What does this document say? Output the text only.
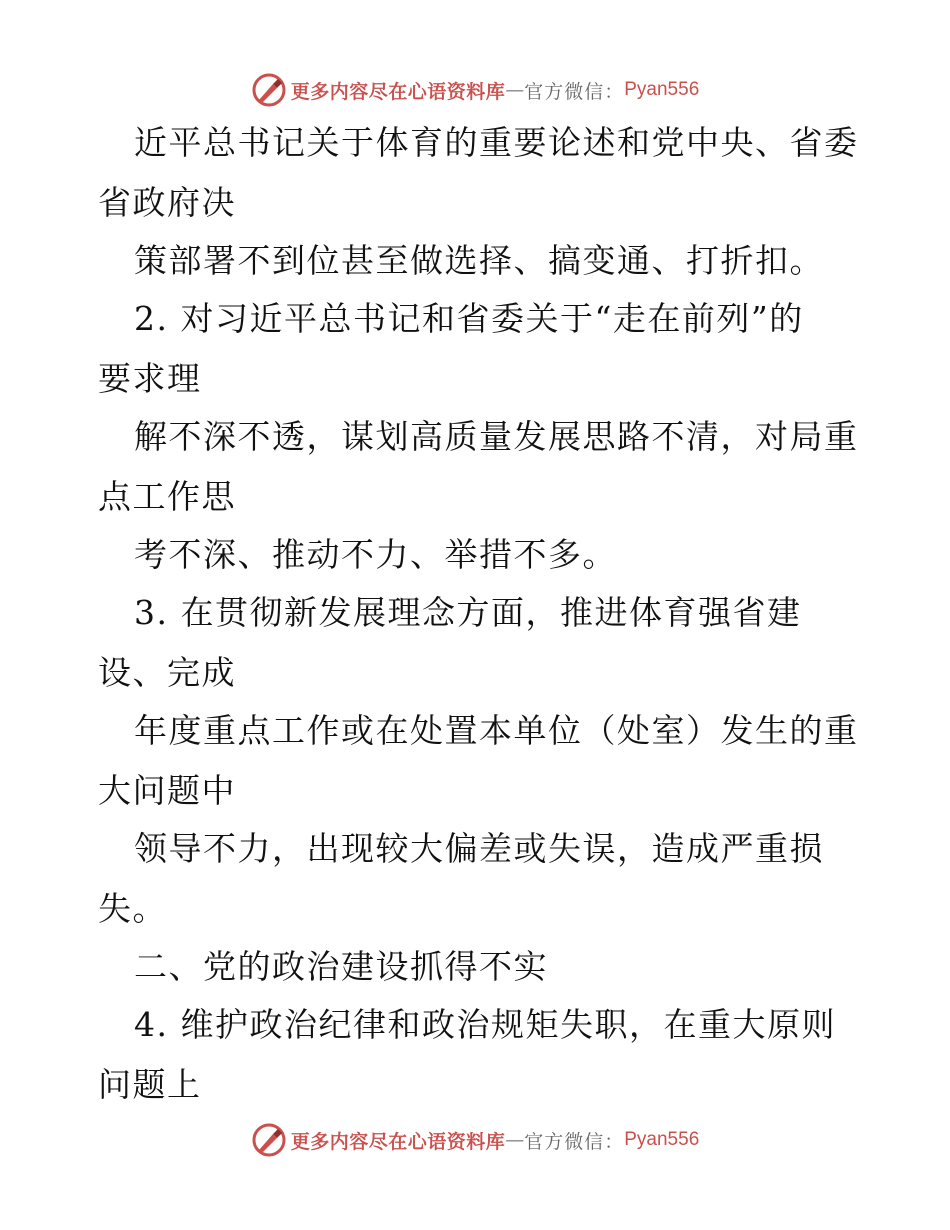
更多内容尽在心语资料库 — 官方微信： Pyan556
近平总书记关于体育的重要论述和党中央、省委
省政府决
策部署不到位甚至做选择、搞变通、打折扣。
2. 对习近平总书记和省委关于“走在前列”的
要求理
解不深不透，谋划高质量发展思路不清，对局重
点工作思
考不深、推动不力、举措不多。
3. 在贯彻新发展理念方面，推进体育强省建
设、完成
年度重点工作或在处置本单位（处室）发生的重
大问题中
领导不力，出现较大偏差或失误，造成严重损
失。
二、党的政治建设抓得不实
4. 维护政治纪律和政治规矩失职，在重大原则
问题上
更多内容尽在心语资料库 — 官方微信： Pyan556
